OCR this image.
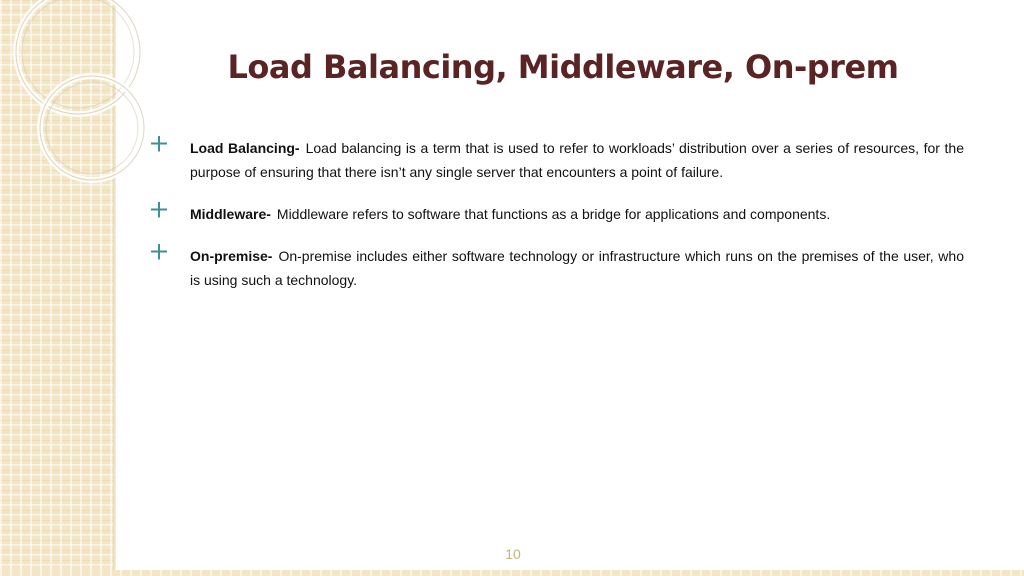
Load Balancing, Middleware, On-prem
Load Balancing- Load balancing is a term that is used to refer to workloads’ distribution over a series of resources, for the purpose of ensuring that there isn’t any single server that encounters a point of failure.
Middleware- Middleware refers to software that functions as a bridge for applications and components.
On-premise- On-premise includes either software technology or infrastructure which runs on the premises of the user, who is using such a technology.
10
